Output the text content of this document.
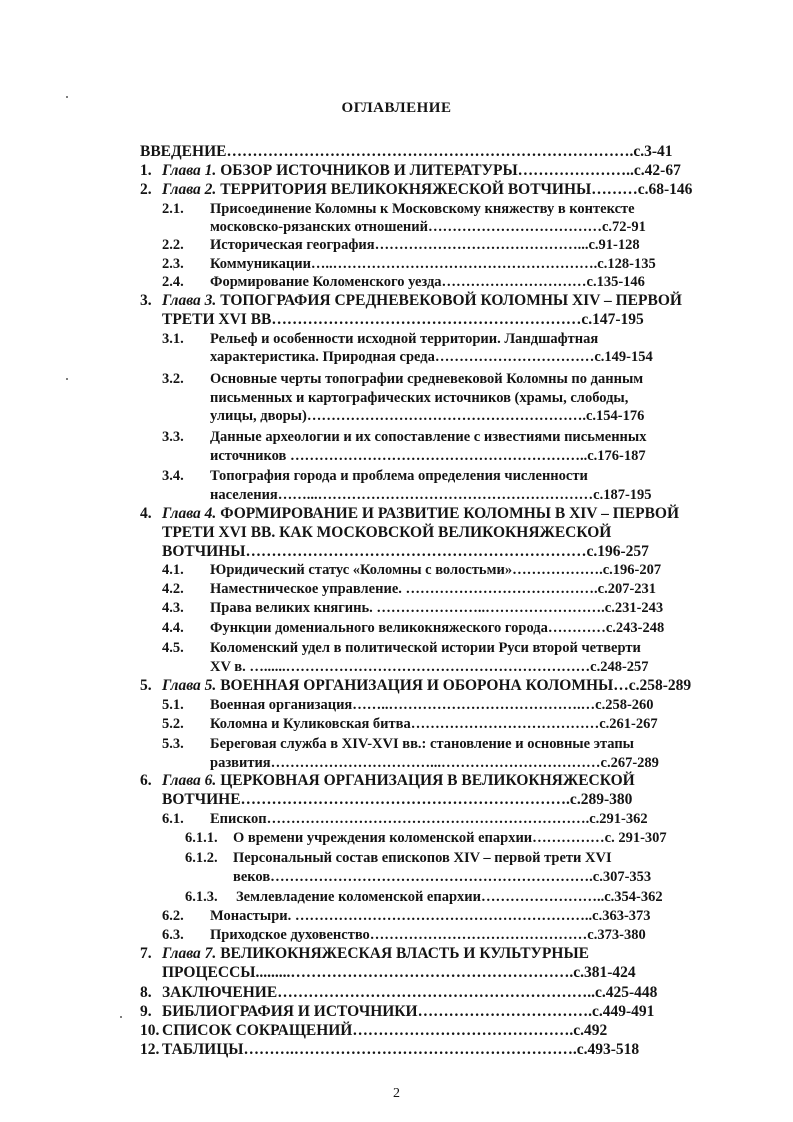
ОГЛАВЛЕНИЕ
ВВЕДЕНИЕ…………………………………………………………………….с.3-41
1. Глава 1. ОБЗОР ИСТОЧНИКОВ И ЛИТЕРАТУРЫ…………………..с.42-67
2. Глава 2. ТЕРРИТОРИЯ ВЕЛИКОКНЯЖЕСКОЙ ВОТЧИНЫ………с.68-146
2.1. Присоединение Коломны к Московскому княжеству в контексте
московско-рязанских отношений………………………………с.72-91
2.2. Историческая география……………………………………...с.91-128
2.3. Коммуникации…..……………………………………………….с.128-135
2.4. Формирование Коломенского уезда…………………………с.135-146
3. Глава 3. ТОПОГРАФИЯ СРЕДНЕВЕКОВОЙ КОЛОМНЫ XIV – ПЕРВОЙ
ТРЕТИ XVI ВВ……………………………………………………с.147-195
3.1. Рельеф и особенности исходной территории. Ландшафтная
характеристика. Природная среда……………………………с.149-154
3.2. Основные черты топографии средневековой Коломны по данным
письменных и картографических источников (храмы, слободы,
улицы, дворы)………………………………………………….с.154-176
3.3. Данные археологии и их сопоставление с известиями письменных
источников ……………………………………………………..с.176-187
3.4. Топография города и проблема определения численности
населения……...…………………………………………………с.187-195
4. Глава 4. ФОРМИРОВАНИЕ И РАЗВИТИЕ КОЛОМНЫ В XIV – ПЕРВОЙ
ТРЕТИ XVI ВВ. КАК МОСКОВСКОЙ ВЕЛИКОКНЯЖЕСКОЙ
ВОТЧИНЫ…………………………………………………………с.196-257
4.1. Юридический статус «Коломны с волостьми»……………….с.196-207
4.2. Наместническое управление. ………………………………….с.207-231
4.3. Права великих княгинь. …………………..…………………….с.231-243
4.4. Функции домениального великокняжеского города…………с.243-248
4.5. Коломенский удел в политической истории Руси второй четверти
XV в. …......………………………………………………………с.248-257
5. Глава 5. ВОЕННАЯ ОРГАНИЗАЦИЯ И ОБОРОНА КОЛОМНЫ…с.258-289
5.1. Военная организация……..………………………………….…с.258-260
5.2. Коломна и Куликовская битва…………………………………с.261-267
5.3. Береговая служба в XIV-XVI вв.: становление и основные этапы
развития……………………………...……………………………с.267-289
6. Глава 6. ЦЕРКОВНАЯ ОРГАНИЗАЦИЯ В ВЕЛИКОКНЯЖЕСКОЙ
ВОТЧИНЕ……………………………………………………….с.289-380
6.1. Епископ………………………………………………………….с.291-362
6.1.1. О времени учреждения коломенской епархии……………с. 291-307
6.1.2. Персональный состав епископов XIV – первой трети XVI
веков………………………………………………………….с.307-353
6.1.3. Землевладение коломенской епархии……………………..с.354-362
6.2. Монастыри. ……………………………………………………..с.363-373
6.3. Приходское духовенство………………………………………с.373-380
7. Глава 7. ВЕЛИКОКНЯЖЕСКАЯ ВЛАСТЬ И КУЛЬТУРНЫЕ
ПРОЦЕССЫ.........……………………………………………….с.381-424
8. ЗАКЛЮЧЕНИЕ……………………………………………………..с.425-448
9. БИБЛИОГРАФИЯ И ИСТОЧНИКИ…………………………….с.449-491
10. СПИСОК СОКРАЩЕНИЙ…………………………………….с.492
12. ТАБЛИЦЫ……….……………………………………………….с.493-518
2
